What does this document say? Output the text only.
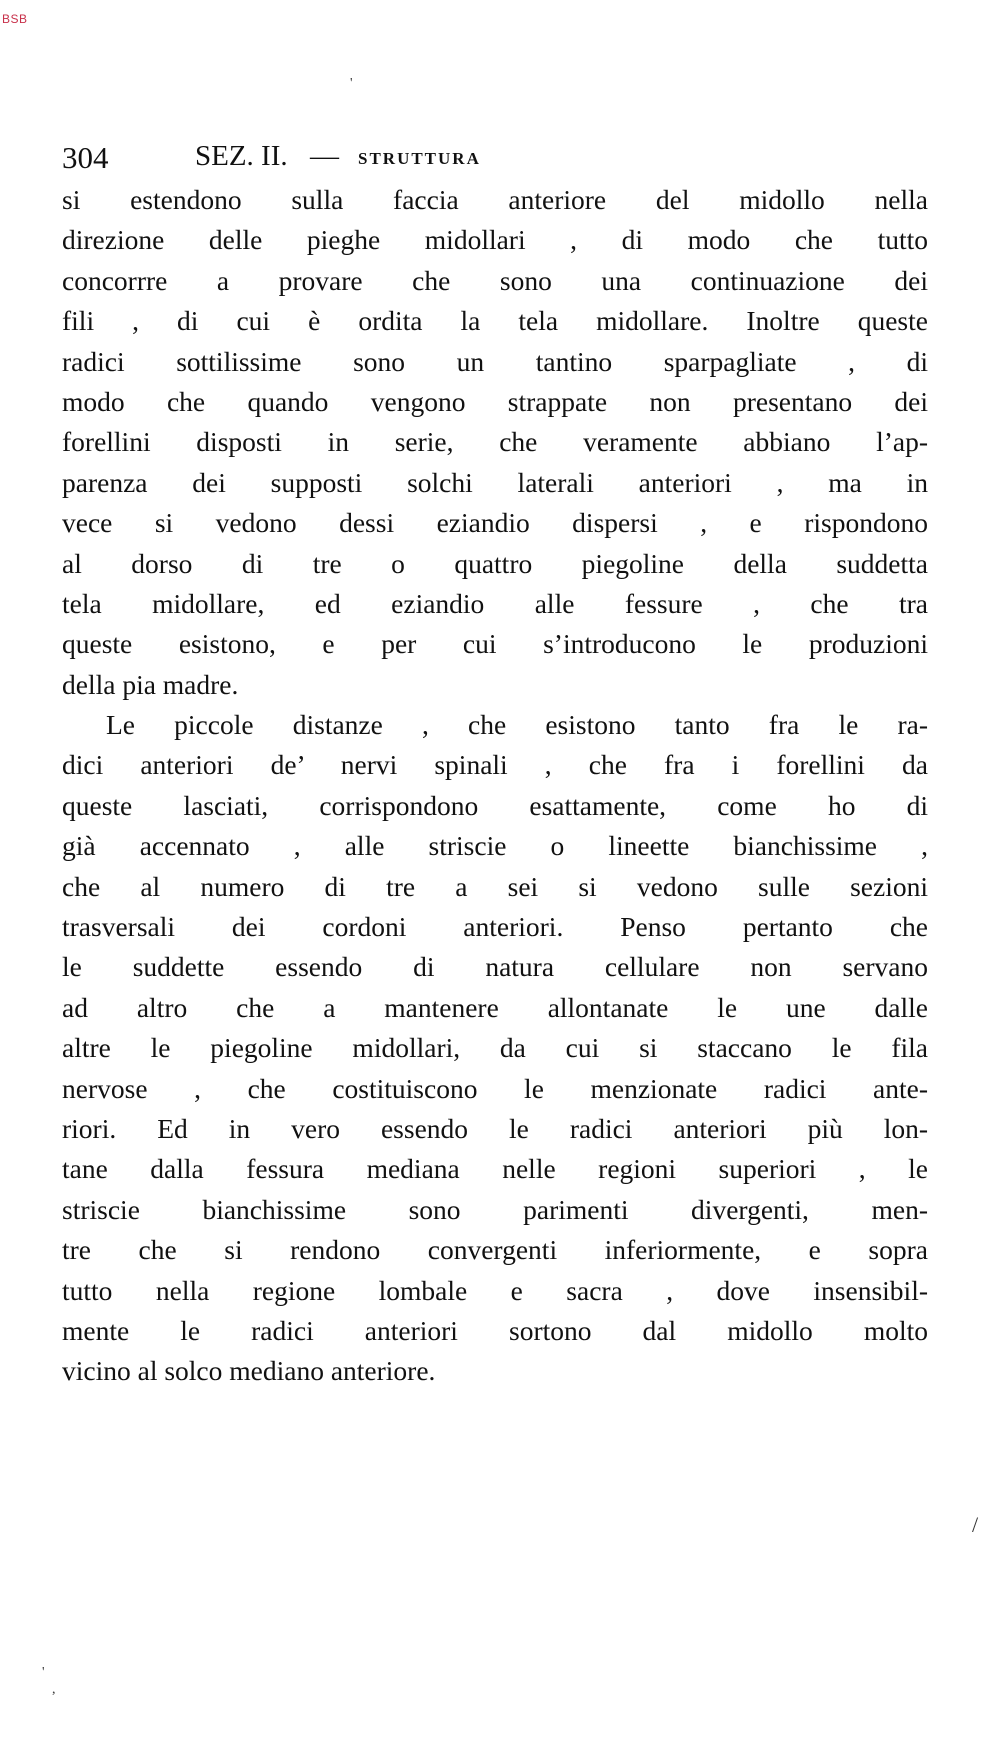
BSB
304	SEZ. II. — STRUTTURA
si estendono sulla faccia anteriore del midollo nella
direzione delle pieghe midollari , di modo che tutto
concorrre a provare che sono una continuazione dei
fili , di cui è ordita la tela midollare. Inoltre queste
radici sottilissime sono un tantino sparpagliate , di
modo che quando vengono strappate non presentano dei
forellini disposti in serie, che veramente abbiano l’ap-
parenza dei supposti solchi laterali anteriori , ma in
vece si vedono dessi eziandio dispersi , e rispondono
al dorso di tre o quattro piegoline della suddetta
tela midollare, ed eziandio alle fessure , che tra
queste esistono, e per cui s’introducono le produzioni
della pia madre.
Le piccole distanze , che esistono tanto fra le ra-
dici anteriori de’ nervi spinali , che fra i forellini da
queste lasciati, corrispondono esattamente, come ho di
già accennato , alle striscie o lineette bianchissime ,
che al numero di tre a sei si vedono sulle sezioni
trasversali dei cordoni anteriori. Penso pertanto che
le suddette essendo di natura cellulare non servano
ad altro che a mantenere allontanate le une dalle
altre le piegoline midollari, da cui si staccano le fila
nervose , che costituiscono le menzionate radici ante-
riori. Ed in vero essendo le radici anteriori più lon-
tane dalla fessura mediana nelle regioni superiori , le
striscie bianchissime sono parimenti divergenti, men-
tre che si rendono convergenti inferiormente, e sopra
tutto nella regione lombale e sacra , dove insensibil-
mente le radici anteriori sortono dal midollo molto
vicino al solco mediano anteriore.
'
/
'
,
